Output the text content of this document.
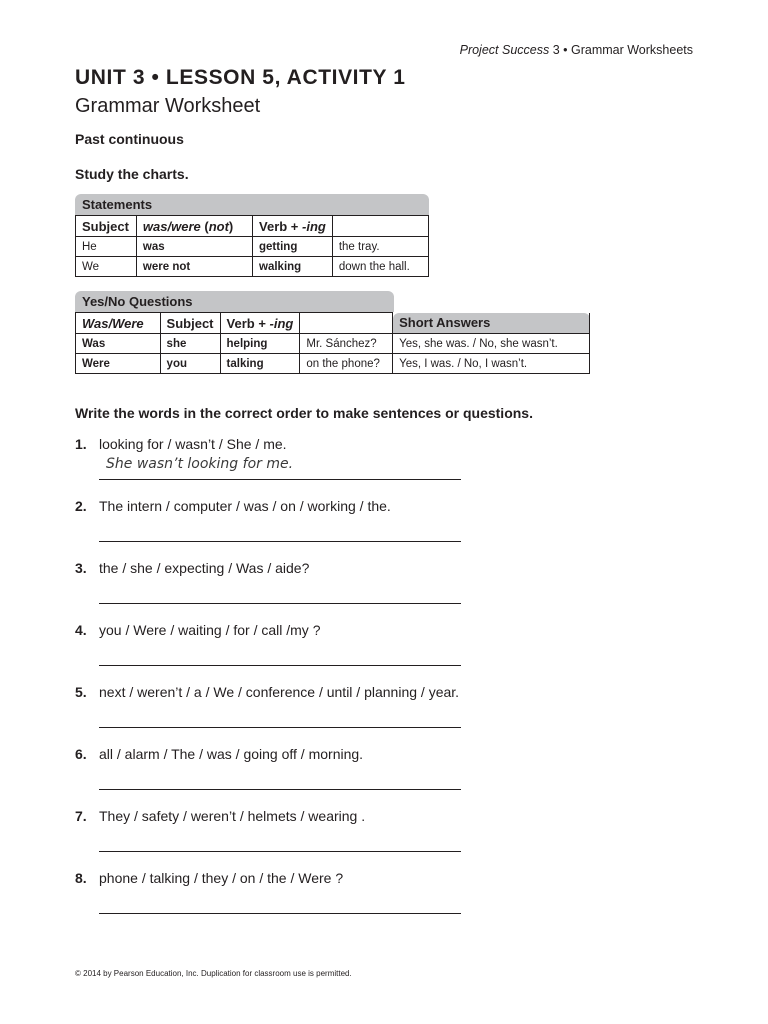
Project Success 3 • Grammar Worksheets
UNIT 3 • LESSON 5, ACTIVITY 1
Grammar Worksheet
Past continuous
Study the charts.
Statements
Subject	was/were (not)	Verb + -ing	
He	was	getting	the tray.
We	were not	walking	down the hall.
Yes/No Questions
Was/Were	Subject	Verb + -ing		Short Answers
Was	she	helping	Mr. Sánchez?	Yes, she was. / No, she wasn’t.
Were	you	talking	on the phone?	Yes, I was. / No, I wasn’t.
Write the words in the correct order to make sentences or questions.
1. looking for / wasn’t / She / me.
She wasn’t looking for me.
2. The intern / computer / was / on / working / the.
3. the / she / expecting / Was / aide?
4. you / Were / waiting / for / call /my ?
5. next / weren’t / a / We / conference / until / planning / year.
6. all / alarm / The / was / going off / morning.
7. They / safety / weren’t / helmets / wearing .
8. phone / talking / they / on / the / Were ?
© 2014 by Pearson Education, Inc. Duplication for classroom use is permitted.
